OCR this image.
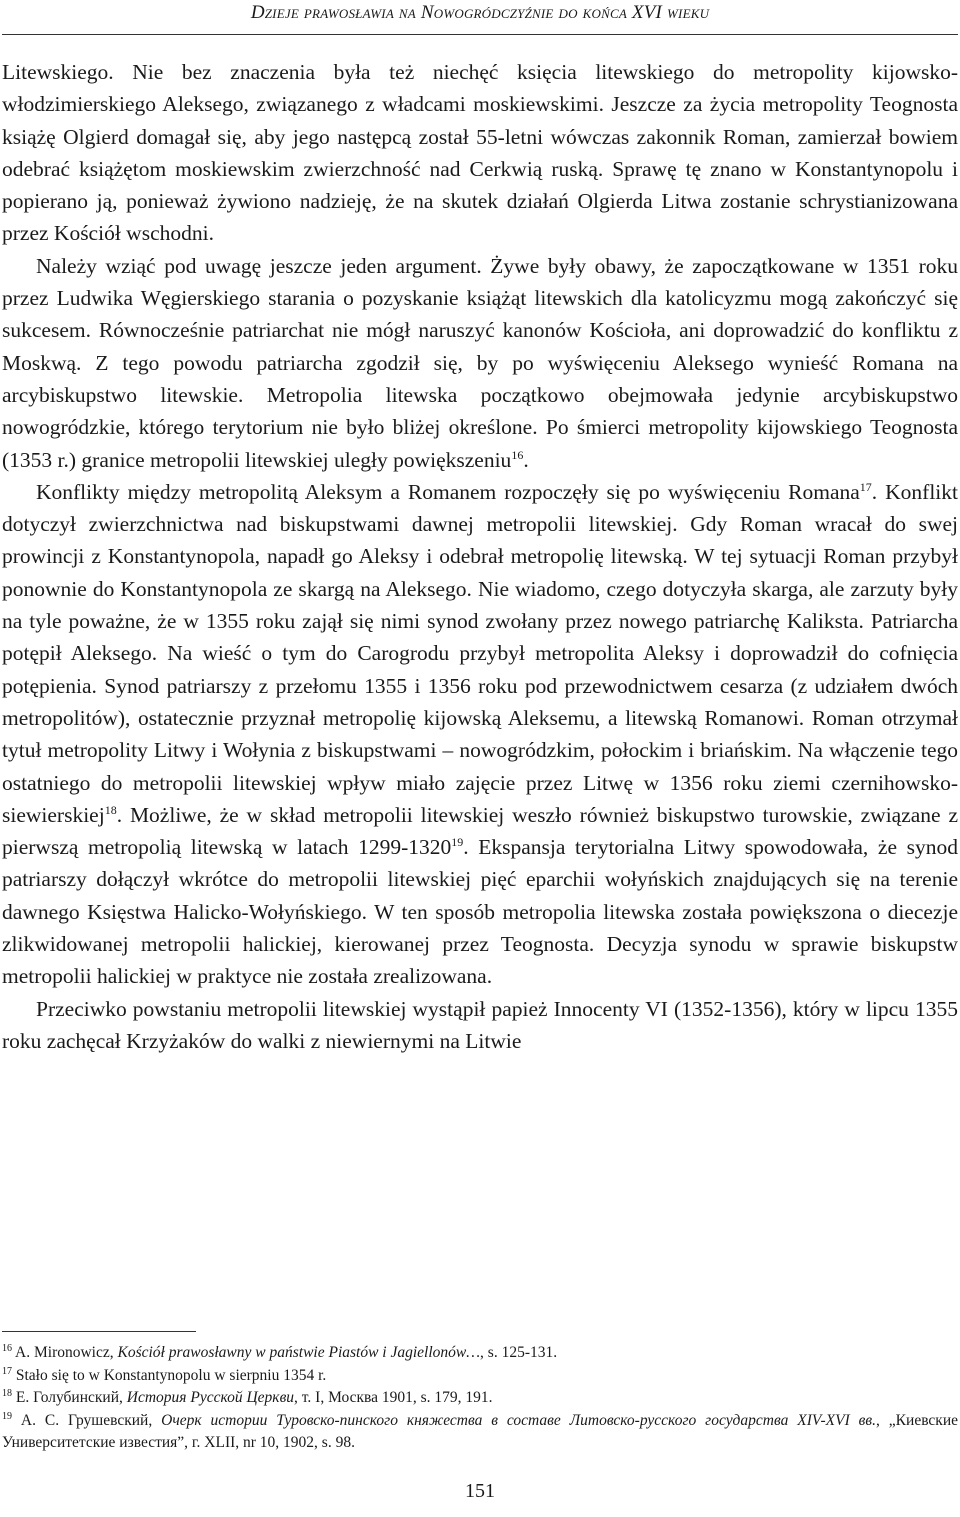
Dzieje prawosławia na Nowogródczyźnie do końca XVI wieku

Litewskiego. Nie bez znaczenia była też niechęć księcia litewskiego do metropolity kijowsko-włodzimierskiego Aleksego, związanego z władcami moskiewskimi. Jeszcze za życia metropolity Teognosta książę Olgierd domagał się, aby jego następcą został 55-letni wówczas zakonnik Roman, zamierzał bowiem odebrać książętom moskiewskim zwierzchność nad Cerkwią ruską. Sprawę tę znano w Konstantynopolu i popierano ją, ponieważ żywiono nadzieję, że na skutek działań Olgierda Litwa zostanie schrystianizowana przez Kościół wschodni.

Należy wziąć pod uwagę jeszcze jeden argument. Żywe były obawy, że zapoczątkowane w 1351 roku przez Ludwika Węgierskiego starania o pozyskanie książąt litewskich dla katolicyzmu mogą zakończyć się sukcesem. Równocześnie patriarchat nie mógł naruszyć kanonów Kościoła, ani doprowadzić do konfliktu z Moskwą. Z tego powodu patriarcha zgodził się, by po wyświęceniu Aleksego wynieść Romana na arcybiskupstwo litewskie. Metropolia litewska początkowo obejmowała jedynie arcybiskupstwo nowogródzkie, którego terytorium nie było bliżej określone. Po śmierci metropolity kijowskiego Teognosta (1353 r.) granice metropolii litewskiej uległy powiększeniu$^{16}$.

Konflikty między metropolitą Aleksym a Romanem rozpoczęły się po wyświęceniu Romana$^{17}$. Konflikt dotyczył zwierzchnictwa nad biskupstwami dawnej metropolii litewskiej. Gdy Roman wracał do swej prowincji z Konstantynopola, napadł go Aleksy i odebrał metropolię litewską. W tej sytuacji Roman przybył ponownie do Konstantynopola ze skargą na Aleksego. Nie wiadomo, czego dotyczyła skarga, ale zarzuty były na tyle poważne, że w 1355 roku zajął się nimi synod zwołany przez nowego patriarchę Kaliksta. Patriarcha potępił Aleksego. Na wieść o tym do Carogrodu przybył metropolita Aleksy i doprowadził do cofnięcia potępienia. Synod patriarszy z przełomu 1355 i 1356 roku pod przewodnictwem cesarza (z udziałem dwóch metropolitów), ostatecznie przyznał metropolię kijowską Aleksemu, a litewską Romanowi. Roman otrzymał tytuł metropolity Litwy i Wołynia z biskupstwami – nowogródzkim, połockim i briańskim. Na włączenie tego ostatniego do metropolii litewskiej wpływ miało zajęcie przez Litwę w 1356 roku ziemi czernihowsko-siewierskiej$^{18}$. Możliwe, że w skład metropolii litewskiej weszło również biskupstwo turowskie, związane z pierwszą metropolią litewską w latach 1299-1320$^{19}$. Ekspansja terytorialna Litwy spowodowała, że synod patriarszy dołączył wkrótce do metropolii litewskiej pięć eparchii wołyńskich znajdujących się na terenie dawnego Księstwa Halicko-Wołyńskiego. W ten sposób metropolia litewska została powiększona o diecezje zlikwidowanej metropolii halickiej, kierowanej przez Teognosta. Decyzja synodu w sprawie biskupstw metropolii halickiej w praktyce nie została zrealizowana.

Przeciwko powstaniu metropolii litewskiej wystąpił papież Innocenty VI (1352-1356), który w lipcu 1355 roku zachęcał Krzyżaków do walki z niewiernymi na Litwie

$^{16}$ A. Mironowicz, Kościół prawosławny w państwie Piastów i Jagiellonów…, s. 125-131.

$^{17}$ Stało się to w Konstantynopolu w sierpniu 1354 r.

$^{18}$ Е. Голубинский, История Русской Церкви, т. I, Москва 1901, s. 179, 191.

$^{19}$ А. С. Грушевский, Очерк истории Туровско-пинского княжества в составе Литовско-русского государства XIV-XVI вв., „Киевские Университетские известия”, г. XLII, nr 10, 1902, s. 98.

151
